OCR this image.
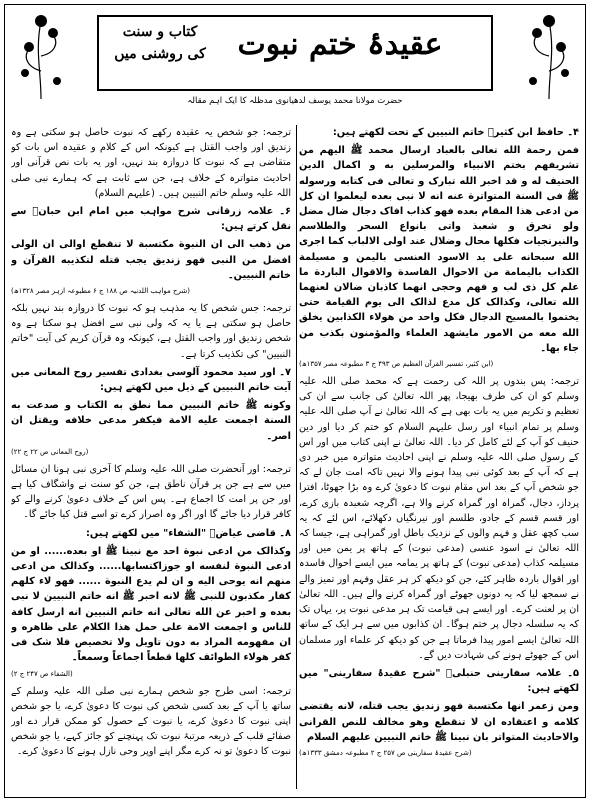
عقیدۂ ختم نبوت
کتاب و سنت
کی روشنی میں
حضرت مولانا محمد یوسف لدھیانوی مدظلہ کا ایک اہم مقالہ

۴۔ حافظ ابن کثیرؒ خاتم النبیین کے تحت لکھتے ہیں:

فمن رحمة الله تعالی بالعباد ارسال محمد ﷺ الیهم من تشریفهم بختم الانبیاء والمرسلین به و اکمال الدین الحنیف له و قد اخبر الله تبارک و تعالی فی کتابه ورسوله ﷺ فی السنة المتواترة عنه انه لا نبی بعده لیعلموا ان کل من ادعی هذا المقام بعده فهو کذاب افاک دجال ضال مضل ولو تخرق و شعبذ واتی بانواع السحر والطلاسم والنیرنجیات فکلها محال وضلال عند اولی الالباب کما اجری الله سبحانه علی ید الاسود العنسی بالیمن و مسیلمة الکذاب بالیمامة من الاحوال الفاسدة والاقوال الباردة ما علم کل ذی لب و فهم وحجی انهما کاذبان ضالان لعنهما الله تعالی، وکذالک کل مدع لذالک الی یوم القیامة حتی یختموا بالمسیح الدجال فکل واحد من هولاء الکذابین یخلق الله معه من الامور مایشهد العلماء والمؤمنون بکذب من جاء بها۔

(ابن کثیر، تفسیر القرآن العظیم ص ۴۹۳ ج ۳ مطبوعہ مصر ۱۳۵۷ھ)

ترجمہ: پس بندوں پر اللہ کی رحمت ہے کہ محمد صلی اللہ علیہ وسلم کو ان کی طرف بھیجا، پھر اللہ تعالیٰ کی جانب سے ان کی تعظیم و تکریم میں یہ بات بھی ہے کہ اللہ تعالیٰ نے آپ صلی اللہ علیہ وسلم پر تمام انبیاء اور رسل علیہم السلام کو ختم کر دیا اور دین حنیف کو آپ کے لئے کامل کر دیا۔ اللہ تعالیٰ نے اپنی کتاب میں اور اس کے رسول صلی اللہ علیہ وسلم نے اپنی احادیث متواترہ میں خبر دی ہے کہ آپ کے بعد کوئی نبی پیدا ہونے والا نہیں تاکہ امت جان لے کہ جو شخص آپ کے بعد اس مقام نبوت کا دعویٰ کرے وہ بڑا جھوٹا، افترا پرداز، دجال، گمراہ اور گمراہ کرنے والا ہے، اگرچہ شعبدہ بازی کرے، اور قسم قسم کے جادو، طلسم اور نیرنگیاں دکھلائے، اس لئے کہ یہ سب کچھ عقل و فہم والوں کے نزدیک باطل اور گمراہی ہے، جیسا کہ اللہ تعالیٰ نے اسود عنسی (مدعی نبوت) کے ہاتھ پر یمن میں اور مسیلمہ کذاب (مدعی نبوت) کے ہاتھ پر یمامہ میں ایسے احوال فاسدہ اور اقوال باردہ ظاہر کئے، جن کو دیکھ کر ہر عقل وفہم اور تمیز والے نے سمجھ لیا کہ یہ دونوں جھوٹے اور گمراہ کرنے والے ہیں۔ اللہ تعالیٰ ان پر لعنت کرے۔ اور ایسے ہی قیامت تک ہر مدعی نبوت پر، یہاں تک کہ یہ سلسلہ دجال پر ختم ہوگا۔ ان کذابوں میں سے ہر ایک کے ساتھ اللہ تعالیٰ ایسے امور پیدا فرماتا ہے جن کو دیکھ کر علماء اور مسلمان اس کے جھوٹے ہونے کی شہادت دیں گے۔

۵۔ علامہ سفارینی حنبلیؒ "شرح عقیدۂ سفارینی" میں لکھتے ہیں:

ومن زعمر انها مکتسبة فهو زندیق یجب قتله، لانه یقتضی کلامه و اعتقاده ان لا تنقطع وهو مخالف للنص القرانی والاحادیث المتواتر بان نبینا ﷺ خاتم النبیین علیهم السلام

(شرح عقیدۂ سفارینی ص ۲۵۷ ج ۲ مطبوعہ دمشق ۱۳۳۳ھ)

ترجمہ: جو شخص یہ عقیدہ رکھے کہ نبوت حاصل ہو سکتی ہے وہ زندیق اور واجب القتل ہے کیونکہ اس کے کلام و عقیدہ اس بات کو متقاضی ہے کہ نبوت کا دروازہ بند نہیں، اور یہ بات نص قرآنی اور احادیث متواترہ کے خلاف ہے، جن سے ثابت ہے کہ ہمارے نبی صلی اللہ علیہ وسلم خاتم النبیین ہیں۔ (علیہم السلام)

۶۔ علامہ زرقانی شرح مواہب میں امام ابن حبانؒ سے نقل کرتے ہیں:

من ذهب الی ان النبوة مکتسبة لا تنقطع اوالی ان الولی افضل من النبی فهو زندیق یجب قتله لتکذیبه القرآن و خاتم النبیین۔

(شرح مواہب اللدنیہ ص ۱۸۸ ج ۶ مطبوعہ ازہر مصر ۱۳۲۸ھ)

ترجمہ: جس شخص کا یہ مذہب ہو کہ نبوت کا دروازہ بند نہیں بلکہ حاصل ہو سکتی ہے یا یہ کہ ولی نبی سے افضل ہو سکتا ہے وہ شخص زندیق اور واجب القتل ہے، کیونکہ وہ قرآن کریم کی آیت "خاتم النبیین" کی تکذیب کرتا ہے۔

۷۔ اور سید محمود آلوسی بغدادی تفسیر روح المعانی میں آیت خاتم النبیین کے ذیل میں لکھتے ہیں:

وکونه ﷺ خاتم النبیین مما نطق به الکتاب و صدعت به السنة اجمعت علیه الامة فیکفر مدعی خلافه ویقتل ان اصر۔

(روح المعانی ص ۲۲ ج ۲۲)

ترجمہ: اور آنحضرت صلی اللہ علیہ وسلم کا آخری نبی ہونا ان مسائل میں سے ہے جن پر قرآن ناطق ہے، جن کو سنت نے واشگاف کیا ہے اور جن پر امت کا اجماع ہے۔ پس اس کے خلاف دعویٰ کرنے والے کو کافر قرار دیا جائے گا اور اگر وہ اصرار کرے تو اسے قتل کیا جائے گا۔

۸۔ قاضی عیاضؒ "الشفاء" میں لکھتے ہیں:

وکذالک من ادعی نبوة احد مع نبینا ﷺ او بعده...... او من ادعی النبوة لنفسه او جوزاکتسابها...... وکذالک من ادعی منهم انه یوحی الیه و ان لم یدع النبوة ...... فهو لاء کلهم کفار مکذبون للنبی ﷺ لانه اخبر ﷺ انه خاتم النبیین لا نبی بعده و اخبر عن الله تعالی انه خاتم النبیین انه ارسل کافة للناس و اجمعت الامة علی حمل هذا الکلام علی ظاهره و ان مفهومه المراد به دون تاویل ولا تخصیص فلا شک فی کفر هولاء الطوائف کلها قطعاً اجماعاً وسمعاً۔

(الشفاء ص ۲۴۷ ج ۲)

ترجمہ: اسی طرح جو شخص ہمارے نبی صلی اللہ علیہ وسلم کے ساتھ یا آپ کے بعد کسی شخص کی نبوت کا دعویٰ کرے، یا جو شخص اپنی نبوت کا دعویٰ کرے، یا نبوت کے حصول کو ممکن قرار دے اور صفائے قلب کے ذریعہ مرتبۂ نبوت تک پہنچنے کو جائز کہے، یا جو شخص نبوت کا دعویٰ تو نہ کرے مگر اپنے اوپر وحی نازل ہونے کا دعویٰ کرے۔
